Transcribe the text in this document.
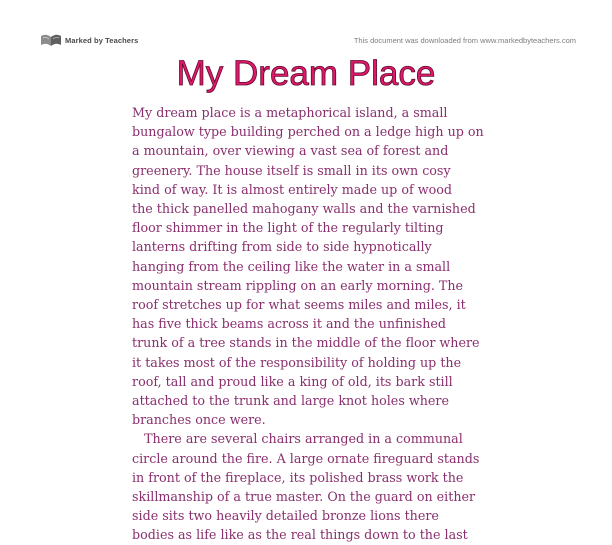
Marked by Teachers	This document was downloaded from www.markedbyteachers.com
My Dream Place
My dream place is a metaphorical island, a small
bungalow type building perched on a ledge high up on
a mountain, over viewing a vast sea of forest and
greenery. The house itself is small in its own cosy
kind of way. It is almost entirely made up of wood
the thick panelled mahogany walls and the varnished
floor shimmer in the light of the regularly tilting
lanterns drifting from side to side hypnotically
hanging from the ceiling like the water in a small
mountain stream rippling on an early morning. The
roof stretches up for what seems miles and miles, it
has five thick beams across it and the unfinished
trunk of a tree stands in the middle of the floor where
it takes most of the responsibility of holding up the
roof, tall and proud like a king of old, its bark still
attached to the trunk and large knot holes where
branches once were.
There are several chairs arranged in a communal
circle around the fire. A large ornate fireguard stands
in front of the fireplace, its polished brass work the
skillmanship of a true master. On the guard on either
side sits two heavily detailed bronze lions there
bodies as life like as the real things down to the last
